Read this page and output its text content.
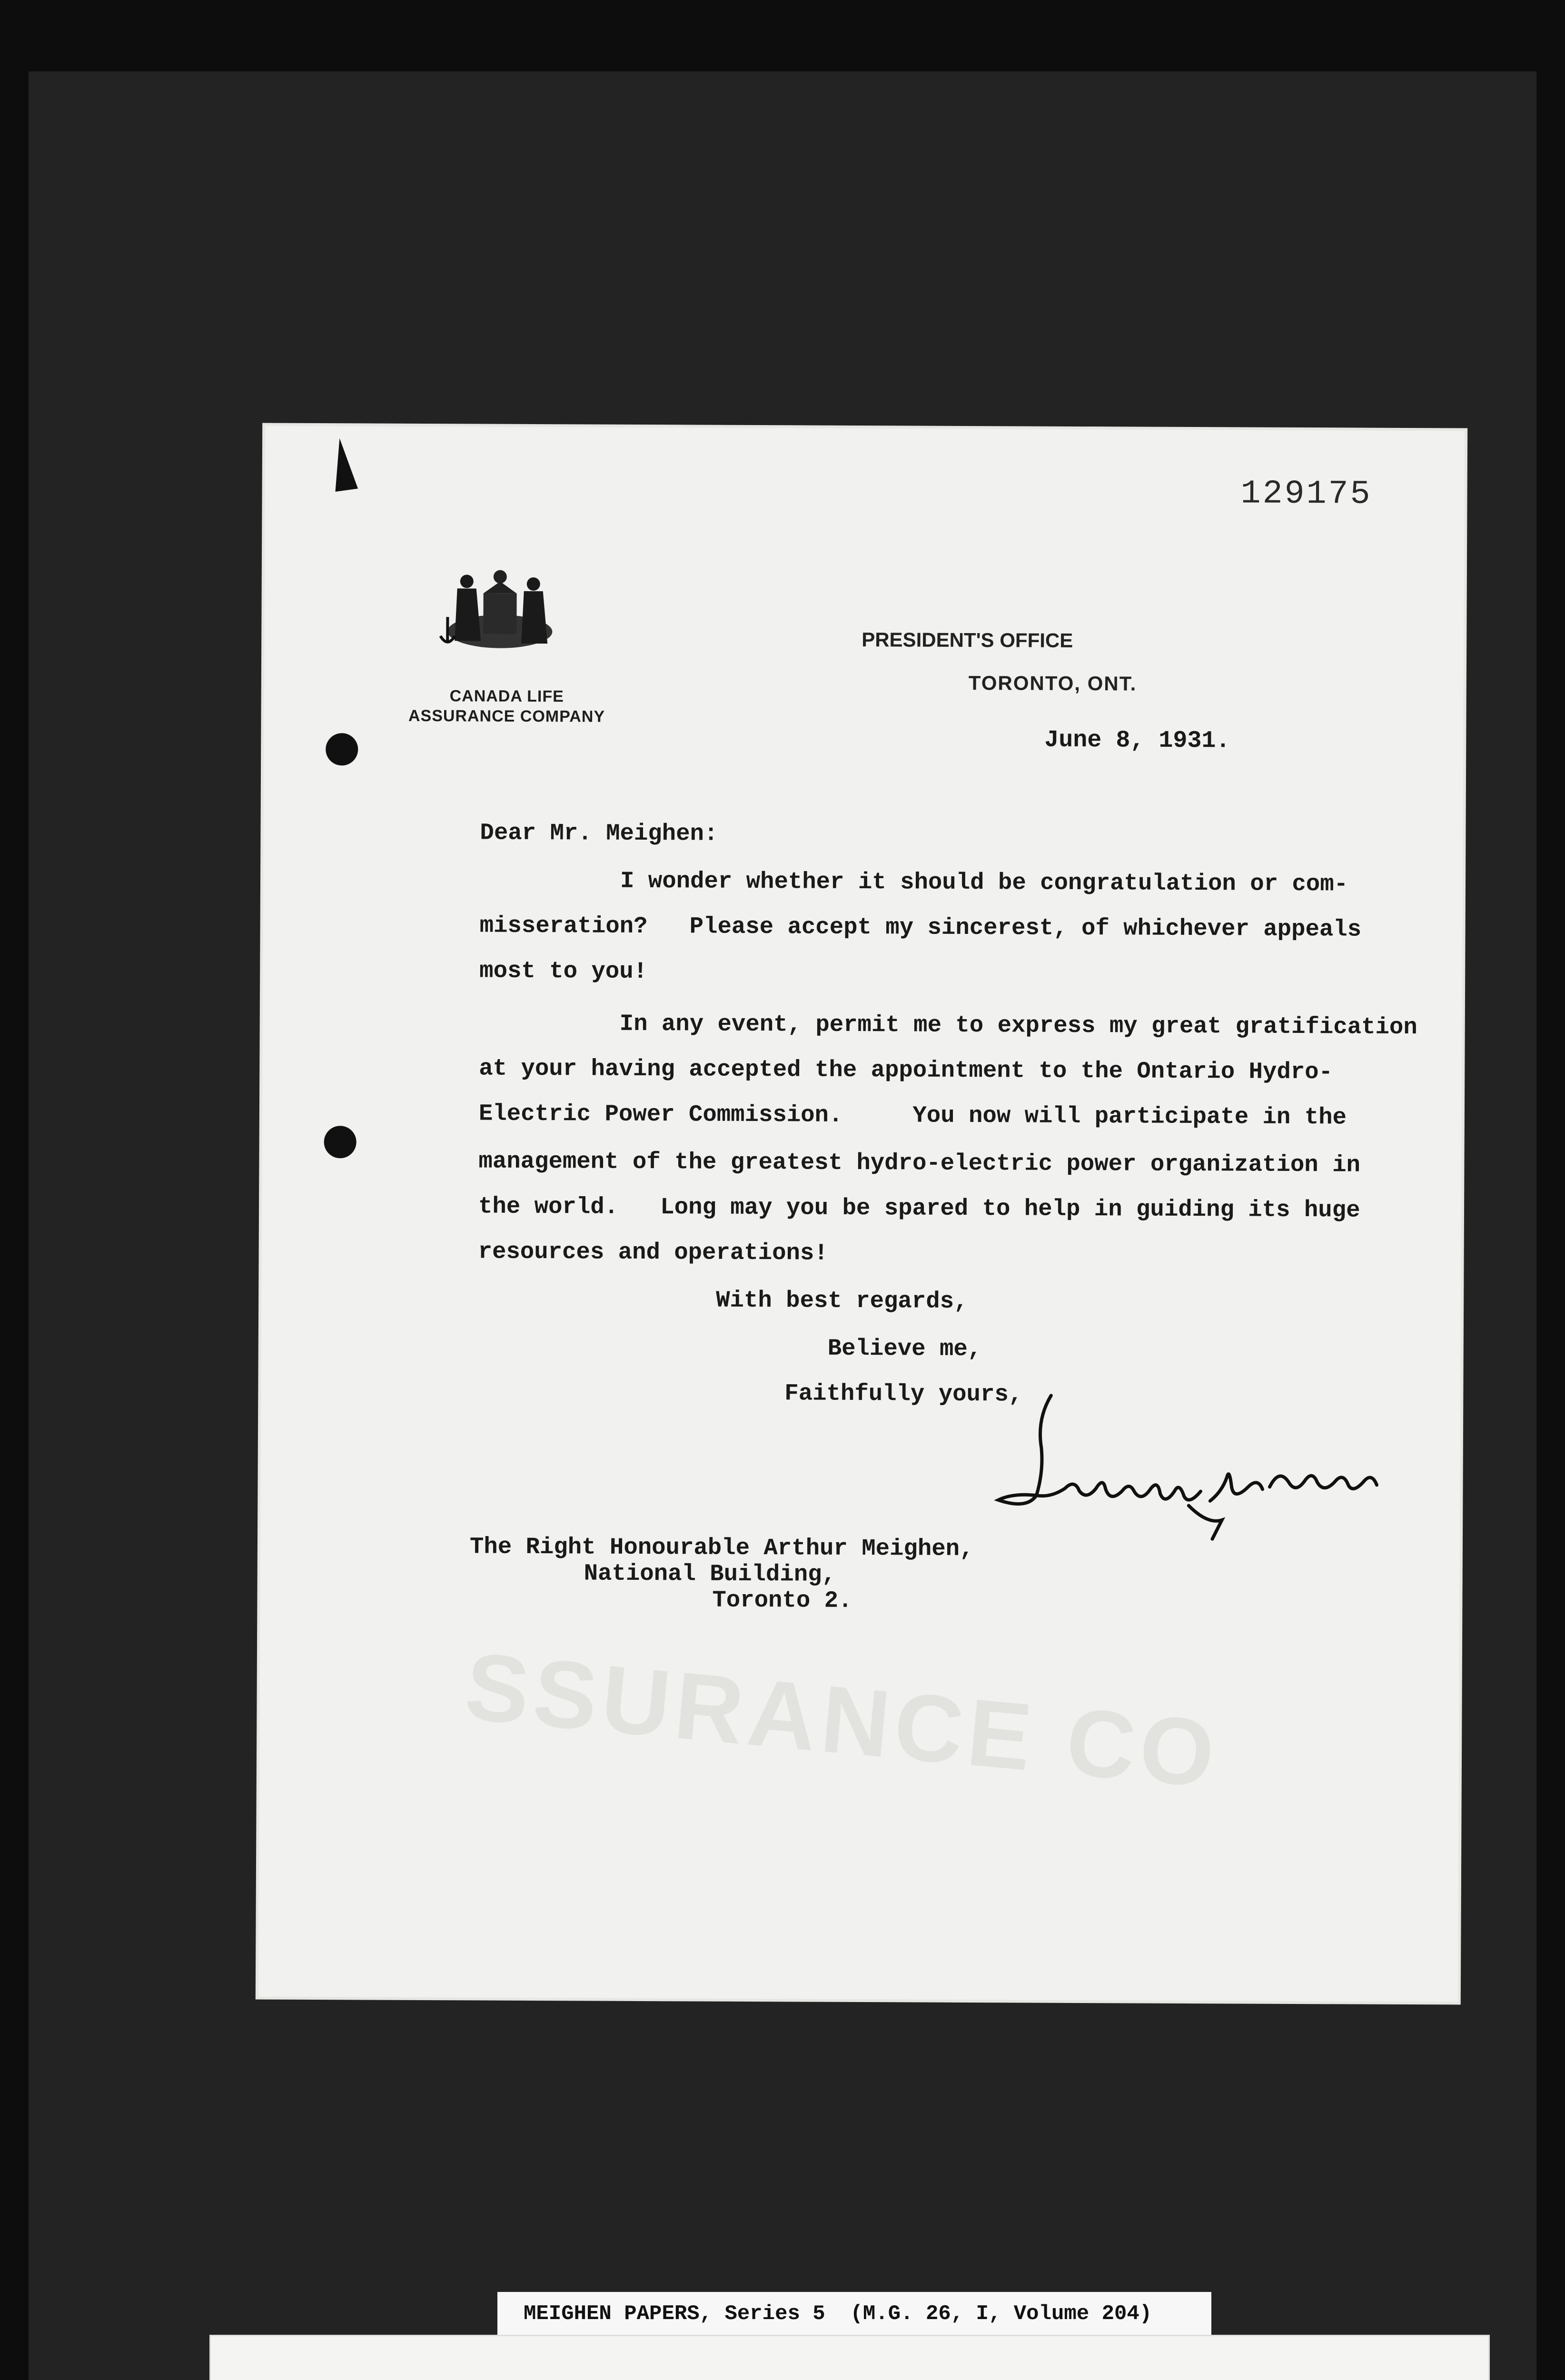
SSURANCE CO
129175
CANADA LIFE
ASSURANCE COMPANY
PRESIDENT'S OFFICE
TORONTO, ONT.
June 8, 1931.
Dear Mr. Meighen:
I wonder whether it should be congratulation or com-
misseration?   Please accept my sincerest, of whichever appeals
most to you!
In any event, permit me to express my great gratification
at your having accepted the appointment to the Ontario Hydro-
Electric Power Commission.     You now will participate in the
management of the greatest hydro-electric power organization in
the world.   Long may you be spared to help in guiding its huge
resources and operations!
With best regards,
Believe me,
Faithfully yours,
The Right Honourable Arthur Meighen,
National Building,
Toronto 2.
MEIGHEN PAPERS, Series 5  (M.G. 26, I, Volume 204)
